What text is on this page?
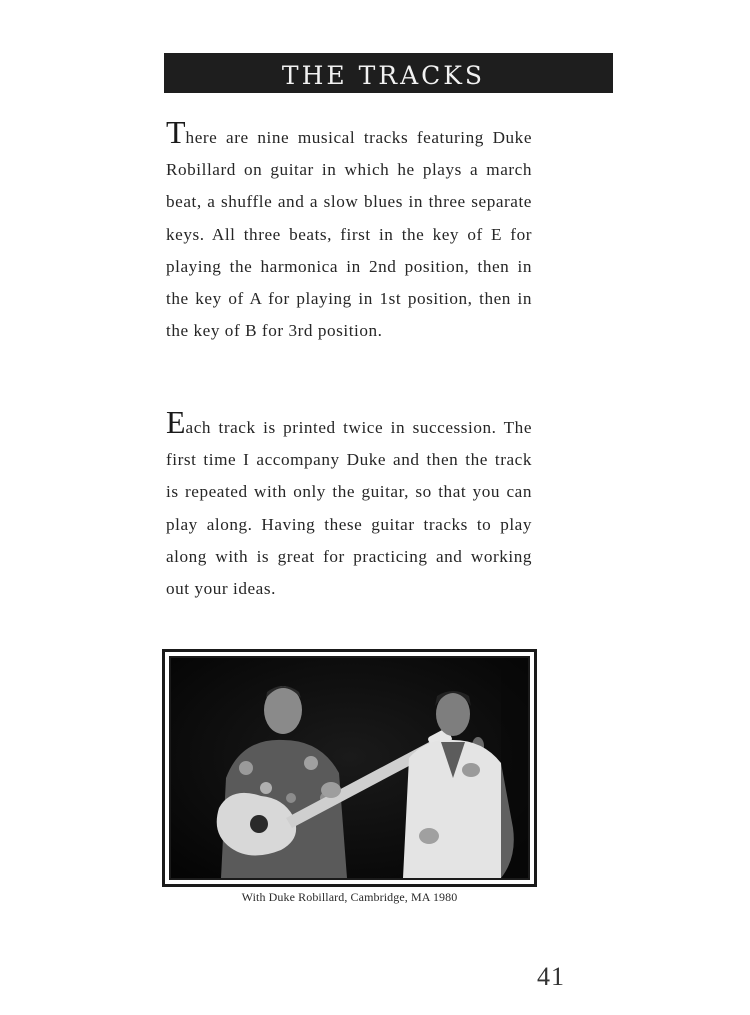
THE TRACKS

There are nine musical tracks featuring Duke Robillard on guitar in which he plays a march beat, a shuffle and a slow blues in three separate keys. All three beats, first in the key of E for playing the harmonica in 2nd position, then in the key of A for playing in 1st position, then in the key of B for 3rd position.

Each track is printed twice in succession. The first time I accompany Duke and then the track is repeated with only the guitar, so that you can play along. Having these guitar tracks to play along with is great for practicing and working out your ideas.

With Duke Robillard, Cambridge, MA 1980
41
